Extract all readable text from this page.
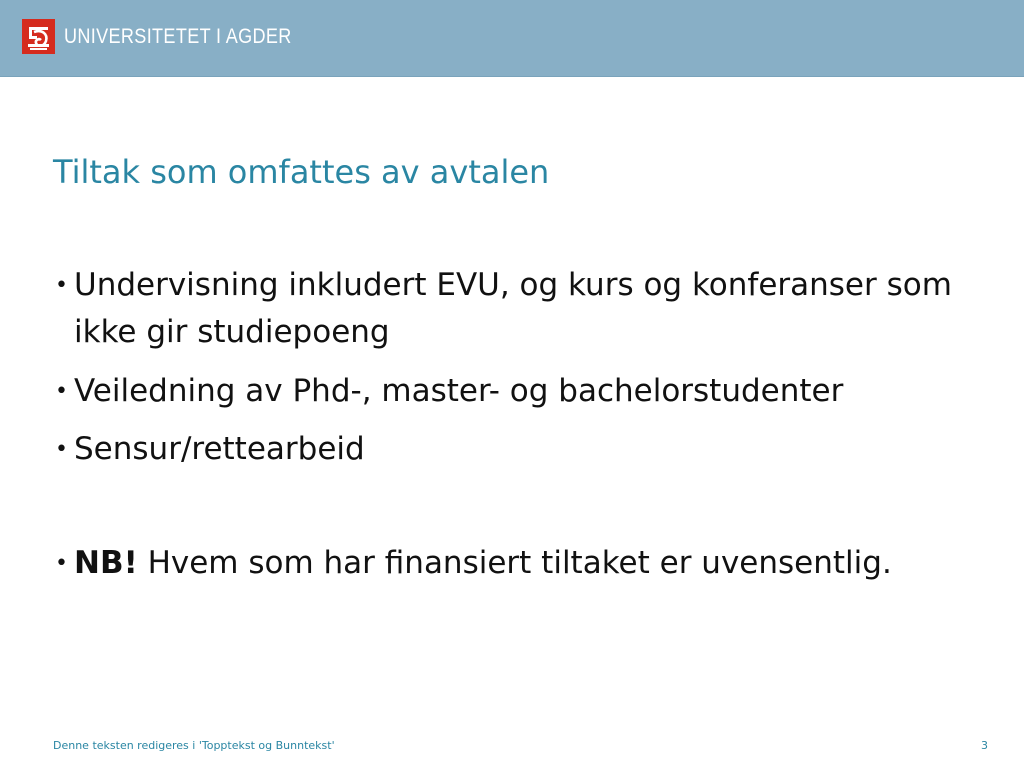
UNIVERSITETET I AGDER
Tiltak som omfattes av avtalen
• Undervisning inkludert EVU, og kurs og konferanser som ikke gir studiepoeng
• Veiledning av Phd-, master- og bachelorstudenter
• Sensur/rettearbeid
• NB! Hvem som har finansiert tiltaket er uvensentlig.
Denne teksten redigeres i 'Topptekst og Bunntekst'	3
